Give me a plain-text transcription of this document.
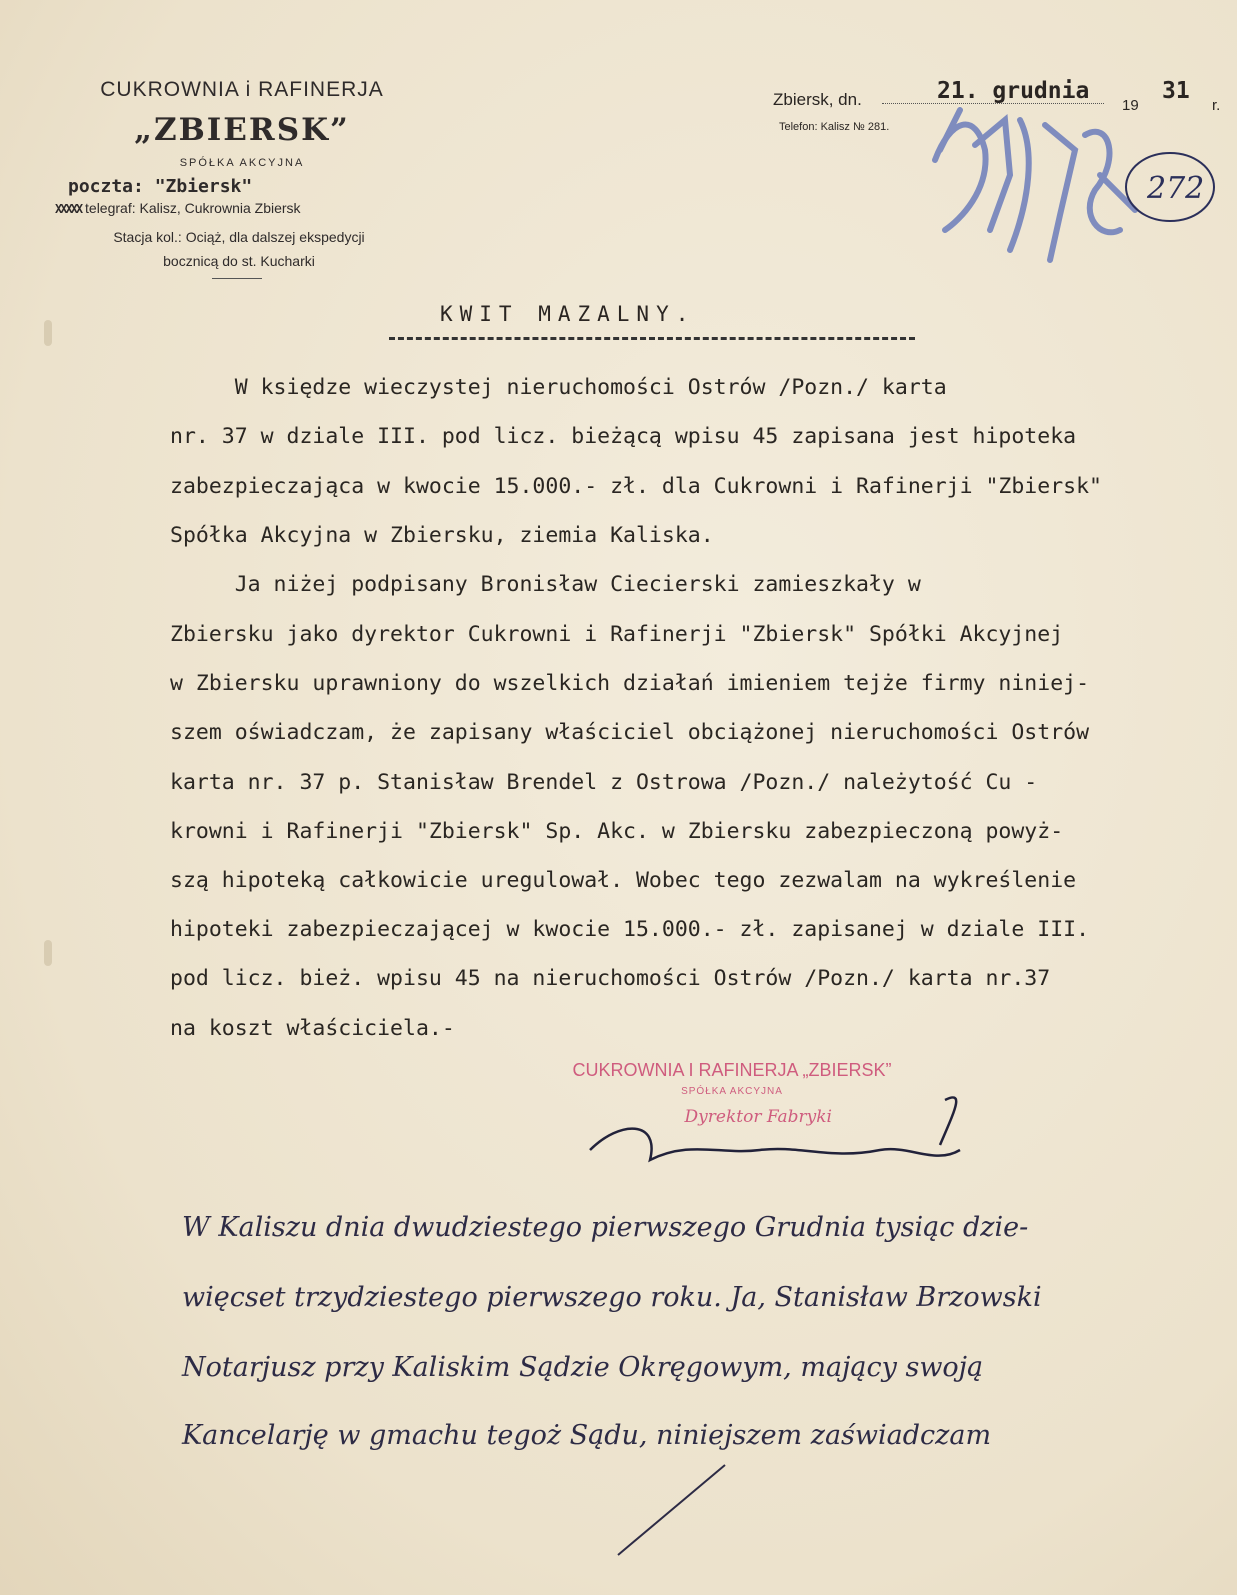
CUKROWNIA i RAFINERJA
„ZBIERSK”
SPÓŁKA AKCYJNA
poczta: "Zbiersk"
XXXXX telegraf: Kalisz, Cukrownia Zbiersk
Stacja kol.: Ociąż, dla dalszej ekspedycji
bocznicą do st. Kucharki
Zbiersk, dn.	21. grudnia
19
31
r.
Telefon: Kalisz № 281.
272
KWIT MAZALNY.
W księdze wieczystej nieruchomości Ostrów /Pozn./ karta
nr. 37 w dziale III. pod licz. bieżącą wpisu 45 zapisana jest hipoteka
zabezpieczająca w kwocie 15.000.- zł. dla Cukrowni i Rafinerji "Zbiersk"
Spółka Akcyjna w Zbiersku, ziemia Kaliska.
Ja niżej podpisany Bronisław Ciecierski zamieszkały w
Zbiersku jako dyrektor Cukrowni i Rafinerji "Zbiersk" Spółki Akcyjnej
w Zbiersku uprawniony do wszelkich działań imieniem tejże firmy niniej-
szem oświadczam, że zapisany właściciel obciążonej nieruchomości Ostrów
karta nr. 37 p. Stanisław Brendel z Ostrowa /Pozn./ należytość Cu -
krowni i Rafinerji "Zbiersk" Sp. Akc. w Zbiersku zabezpieczoną powyż-
szą hipoteką całkowicie uregulował. Wobec tego zezwalam na wykreślenie
hipoteki zabezpieczającej w kwocie 15.000.- zł. zapisanej w dziale III.
pod licz. bież. wpisu 45 na nieruchomości Ostrów /Pozn./ karta nr.37
na koszt właściciela.-
CUKROWNIA I RAFINERJA „ZBIERSK”
SPÓŁKA AKCYJNA
Dyrektor Fabryki
W Kaliszu dnia dwudziestego pierwszego Grudnia tysiąc dzie-
więcset trzydziestego pierwszego roku. Ja, Stanisław Brzowski
Notarjusz przy Kaliskim Sądzie Okręgowym, mający swoją
Kancelarję w gmachu tegoż Sądu, niniejszem zaświadczam
